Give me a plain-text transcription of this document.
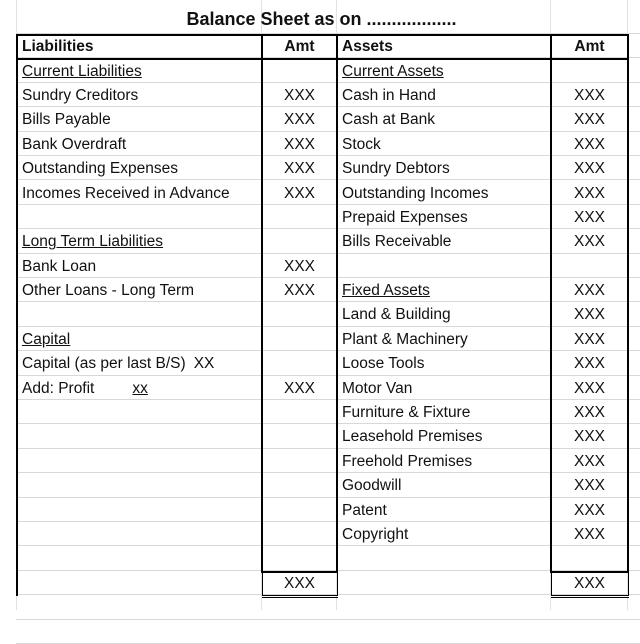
Balance Sheet as on ..................
Liabilities	Amt	Assets	Amt
Current Liabilities		Current Assets	
Sundry Creditors	XXX	Cash in Hand	XXX
Bills Payable	XXX	Cash at Bank	XXX
Bank Overdraft	XXX	Stock	XXX
Outstanding Expenses	XXX	Sundry Debtors	XXX
Incomes Received in Advance	XXX	Outstanding Incomes	XXX
		Prepaid Expenses	XXX
Long Term Liabilities		Bills Receivable	XXX
Bank Loan	XXX		
Other Loans - Long Term	XXX	Fixed Assets	XXX
		Land & Building	XXX
Capital		Plant & Machinery	XXX
Capital (as per last B/S) XX		Loose Tools	XXX
Add: Profit xx	XXX	Motor Van	XXX
		Furniture & Fixture	XXX
		Leasehold Premises	XXX
		Freehold Premises	XXX
		Goodwill	XXX
		Patent	XXX
		Copyright	XXX

	XXX		XXX
